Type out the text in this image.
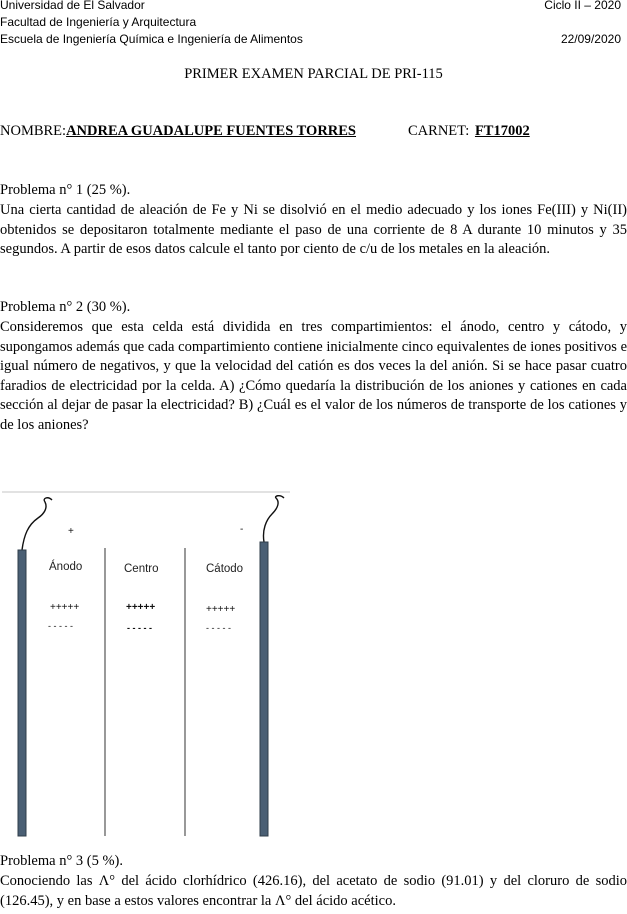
Universidad de El Salvador	Ciclo II – 2020
Facultad de Ingeniería y Arquitectura
Escuela de Ingeniería Química e Ingeniería de Alimentos	22/09/2020
PRIMER EXAMEN PARCIAL DE PRI-115
NOMBRE:ANDREA GUADALUPE FUENTES TORRES	CARNET: FT17002
Problema n° 1 (25 %).
Una cierta cantidad de aleación de Fe y Ni se disolvió en el medio adecuado y los iones Fe(III) y Ni(II) obtenidos se depositaron totalmente mediante el paso de una corriente de 8 A durante 10 minutos y 35 segundos. A partir de esos datos calcule el tanto por ciento de c/u de los metales en la aleación.
Problema n° 2 (30 %).
Consideremos que esta celda está dividida en tres compartimientos: el ánodo, centro y cátodo, y supongamos además que cada compartimiento contiene inicialmente cinco equivalentes de iones positivos e igual número de negativos, y que la velocidad del catión es dos veces la del anión. Si se hace pasar cuatro faradios de electricidad por la celda. A) ¿Cómo quedaría la distribución de los aniones y cationes en cada sección al dejar de pasar la electricidad? B) ¿Cuál es el valor de los números de transporte de los cationes y de los aniones?
+	-
Ánodo	Centro	Cátodo
+++++	+++++	+++++
- - - - -	- - - - -	- - - - -
Problema n° 3 (5 %).
Conociendo las Λ° del ácido clorhídrico (426.16), del acetato de sodio (91.01) y del cloruro de sodio (126.45), y en base a estos valores encontrar la Λ° del ácido acético.
